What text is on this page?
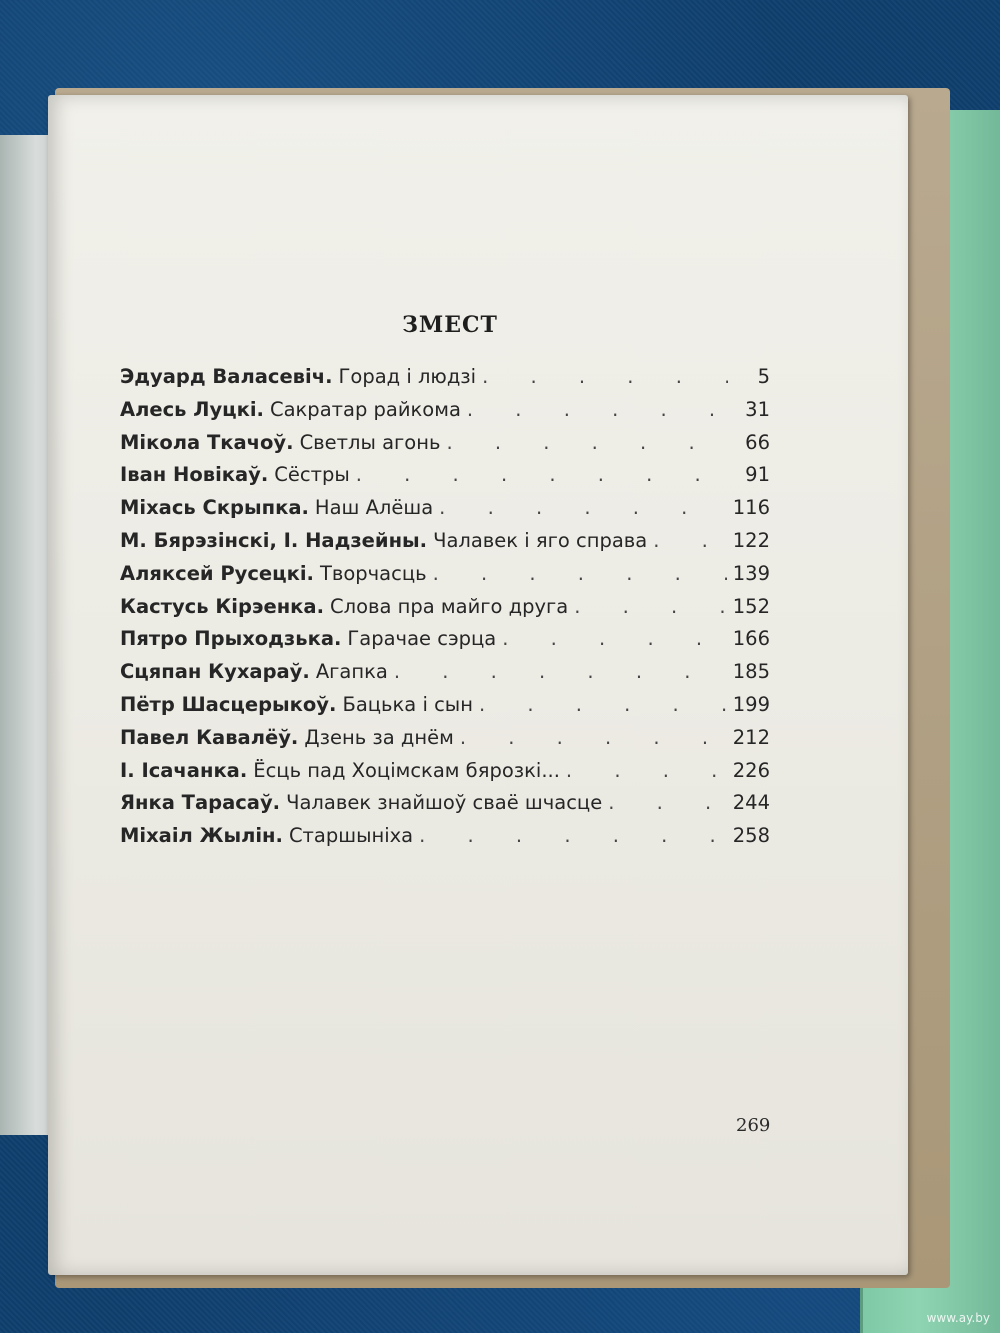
ЗМЕСТ
Эдуард Валасевіч. Горад і людзі . . .	5
Алесь Луцкі. Сакратар райкома . . .	31
Мікола Ткачоў. Светлы агонь . . .	66
Іван Новікаў. Сёстры . . .	91
Міхась Скрыпка. Наш Алёша . . .	116
М. Бярэзінскі, І. Надзейны. Чалавек і яго справа . . .	122
Аляксей Русецкі. Творчасць . . .	139
Кастусь Кірэенка. Слова пра майго друга . . .	152
Пятро Прыходзька. Гарачае сэрца . . .	166
Сцяпан Кухараў. Агапка . . .	185
Пётр Шасцерыкоў. Бацька і сын . . .	199
Павел Кавалёў. Дзень за днём . . .	212
І. Ісачанка. Ёсць пад Хоцімскам бярозкі... . . .	226
Янка Тарасаў. Чалавек знайшоў сваё шчасце . . .	244
Міхаіл Жылін. Старшыніха . . .	258
269
www.ay.by
